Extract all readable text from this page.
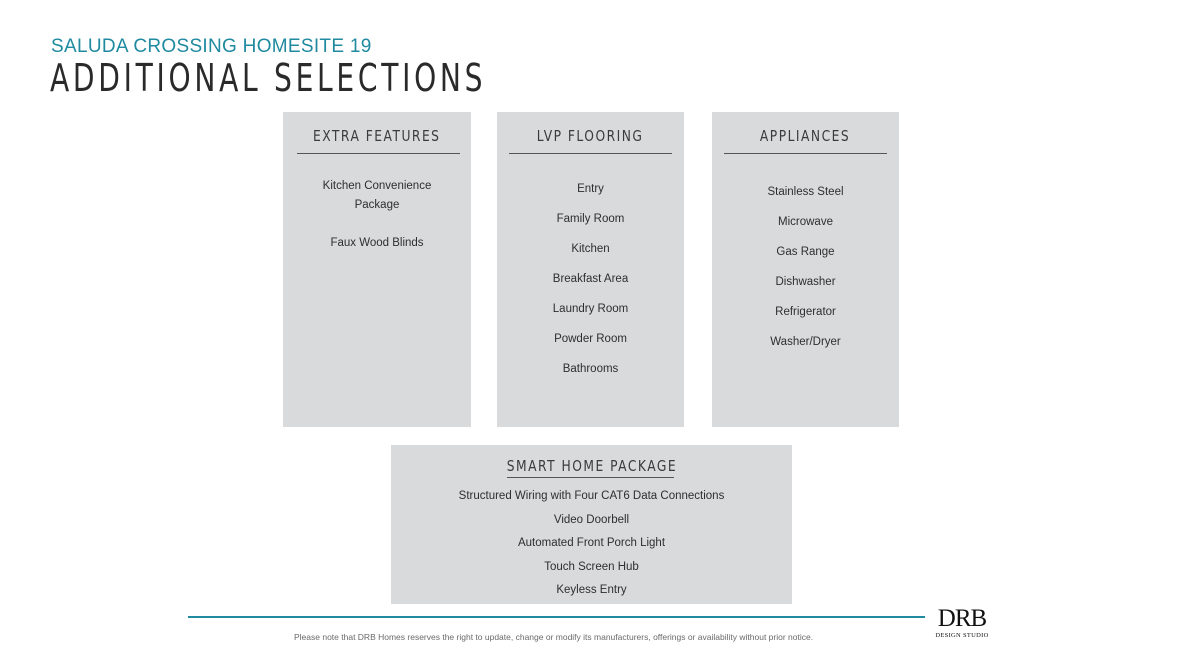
SALUDA CROSSING HOMESITE 19
ADDITIONAL SELECTIONS
EXTRA FEATURES
Kitchen Convenience
Package
Faux Wood Blinds
LVP FLOORING
Entry
Family Room
Kitchen
Breakfast Area
Laundry Room
Powder Room
Bathrooms
APPLIANCES
Stainless Steel
Microwave
Gas Range
Dishwasher
Refrigerator
Washer/Dryer
SMART HOME PACKAGE
Structured Wiring with Four CAT6 Data Connections
Video Doorbell
Automated Front Porch Light
Touch Screen Hub
Keyless Entry
Please note that DRB Homes reserves the right to update, change or modify its manufacturers, offerings or availability without prior notice.
DRB
DESIGN STUDIO
